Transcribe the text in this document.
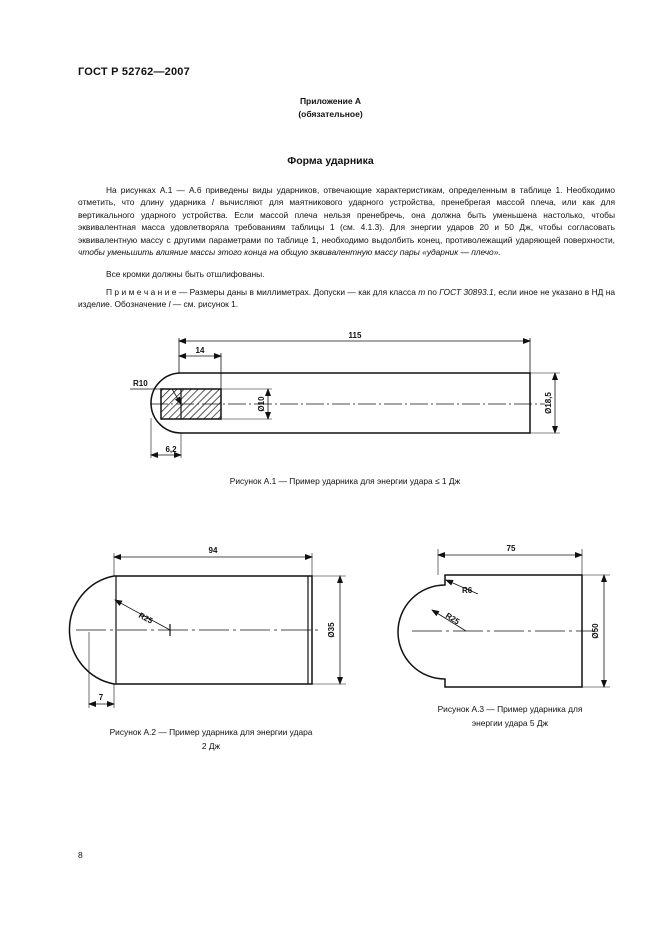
ГОСТ Р 52762—2007
Приложение А
(обязательное)
Форма ударника
На рисунках А.1 — А.6 приведены виды ударников, отвечающие характеристикам, определенным в таблице 1. Необходимо отметить, что длину ударника l вычисляют для маятникового ударного устройства, пренебрегая массой плеча, или как для вертикального ударного устройства. Если массой плеча нельзя пренебречь, она должна быть уменьшена настолько, чтобы эквивалентная масса удовлетворяла требованиям таблицы 1 (см. 4.1.3). Для энергии ударов 20 и 50 Дж, чтобы согласовать эквивалентную массу с другими параметрами по таблице 1, необходимо выдолбить конец, противолежащий ударяющей поверхности, чтобы уменьшить влияние массы этого конца на общую эквивалентную массу пары «ударник — плечо».
Все кромки должны быть отшлифованы.
П р и м е ч а н и е — Размеры даны в миллиметрах. Допуски — как для класса m по ГОСТ 30893.1, если иное не указано в НД на изделие. Обозначение l — см. рисунок 1.
115
14
R10
Ø10	Ø18,5
6,2
94
Ø35
R25
7
75
Ø50
R6
R25
Рисунок А.1 — Пример ударника для энергии удара ≤ 1 Дж
Рисунок А.2 — Пример ударника для энергии удара
2 Дж
Рисунок А.3 — Пример ударника для
энергии удара 5 Дж
8
